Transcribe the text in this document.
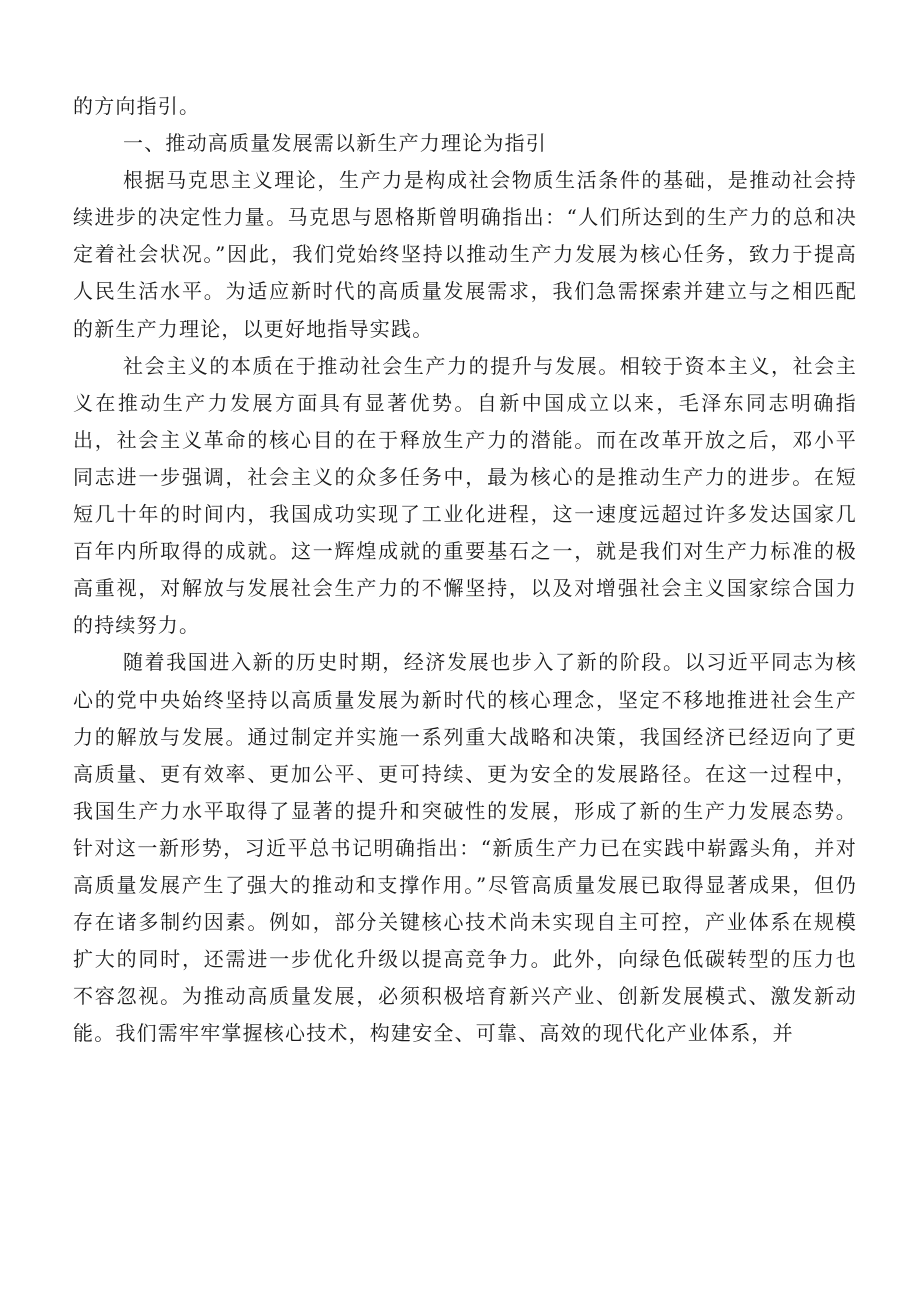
的方向指引。

一、推动高质量发展需以新生产力理论为指引

根据马克思主义理论，生产力是构成社会物质生活条件的基础，是推动社会持续进步的决定性力量。马克思与恩格斯曾明确指出：“人们所达到的生产力的总和决定着社会状况。”因此，我们党始终坚持以推动生产力发展为核心任务，致力于提高人民生活水平。为适应新时代的高质量发展需求，我们急需探索并建立与之相匹配的新生产力理论，以更好地指导实践。

社会主义的本质在于推动社会生产力的提升与发展。相较于资本主义，社会主义在推动生产力发展方面具有显著优势。自新中国成立以来，毛泽东同志明确指出，社会主义革命的核心目的在于释放生产力的潜能。而在改革开放之后，邓小平同志进一步强调，社会主义的众多任务中，最为核心的是推动生产力的进步。在短短几十年的时间内，我国成功实现了工业化进程，这一速度远超过许多发达国家几百年内所取得的成就。这一辉煌成就的重要基石之一，就是我们对生产力标准的极高重视，对解放与发展社会生产力的不懈坚持，以及对增强社会主义国家综合国力的持续努力。

随着我国进入新的历史时期，经济发展也步入了新的阶段。以习近平同志为核心的党中央始终坚持以高质量发展为新时代的核心理念，坚定不移地推进社会生产力的解放与发展。通过制定并实施一系列重大战略和决策，我国经济已经迈向了更高质量、更有效率、更加公平、更可持续、更为安全的发展路径。在这一过程中，我国生产力水平取得了显著的提升和突破性的发展，形成了新的生产力发展态势。针对这一新形势，习近平总书记明确指出：“新质生产力已在实践中崭露头角，并对高质量发展产生了强大的推动和支撑作用。”尽管高质量发展已取得显著成果，但仍存在诸多制约因素。例如，部分关键核心技术尚未实现自主可控，产业体系在规模扩大的同时，还需进一步优化升级以提高竞争力。此外，向绿色低碳转型的压力也不容忽视。为推动高质量发展，必须积极培育新兴产业、创新发展模式、激发新动能。我们需牢牢掌握核心技术，构建安全、可靠、高效的现代化产业体系，并
